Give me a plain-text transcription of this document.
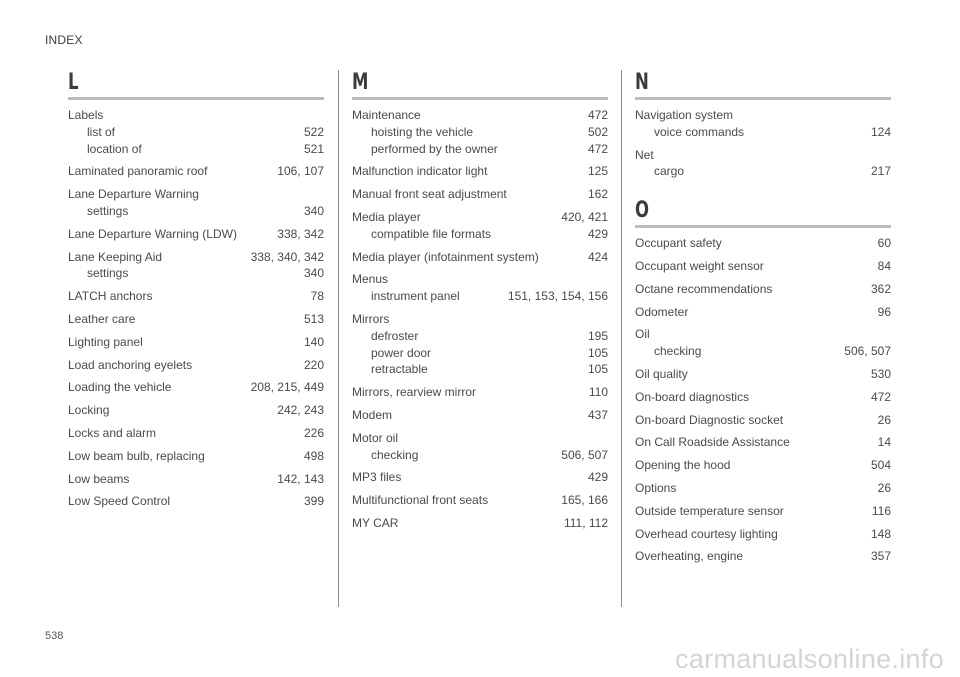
INDEX
L
Labels
list of	522
location of	521
Laminated panoramic roof	106, 107
Lane Departure Warning
settings	340
Lane Departure Warning (LDW)	338, 342
Lane Keeping Aid	338, 340, 342
settings	340
LATCH anchors	78
Leather care	513
Lighting panel	140
Load anchoring eyelets	220
Loading the vehicle	208, 215, 449
Locking	242, 243
Locks and alarm	226
Low beam bulb, replacing	498
Low beams	142, 143
Low Speed Control	399
M
Maintenance	472
hoisting the vehicle	502
performed by the owner	472
Malfunction indicator light	125
Manual front seat adjustment	162
Media player	420, 421
compatible file formats	429
Media player (infotainment system)	424
Menus
instrument panel	151, 153, 154, 156
Mirrors
defroster	195
power door	105
retractable	105
Mirrors, rearview mirror	110
Modem	437
Motor oil
checking	506, 507
MP3 files	429
Multifunctional front seats	165, 166
MY CAR	111, 112
N
Navigation system
voice commands	124
Net
cargo	217
O
Occupant safety	60
Occupant weight sensor	84
Octane recommendations	362
Odometer	96
Oil
checking	506, 507
Oil quality	530
On-board diagnostics	472
On-board Diagnostic socket	26
On Call Roadside Assistance	14
Opening the hood	504
Options	26
Outside temperature sensor	116
Overhead courtesy lighting	148
Overheating, engine	357
538
carmanualsonline.info
